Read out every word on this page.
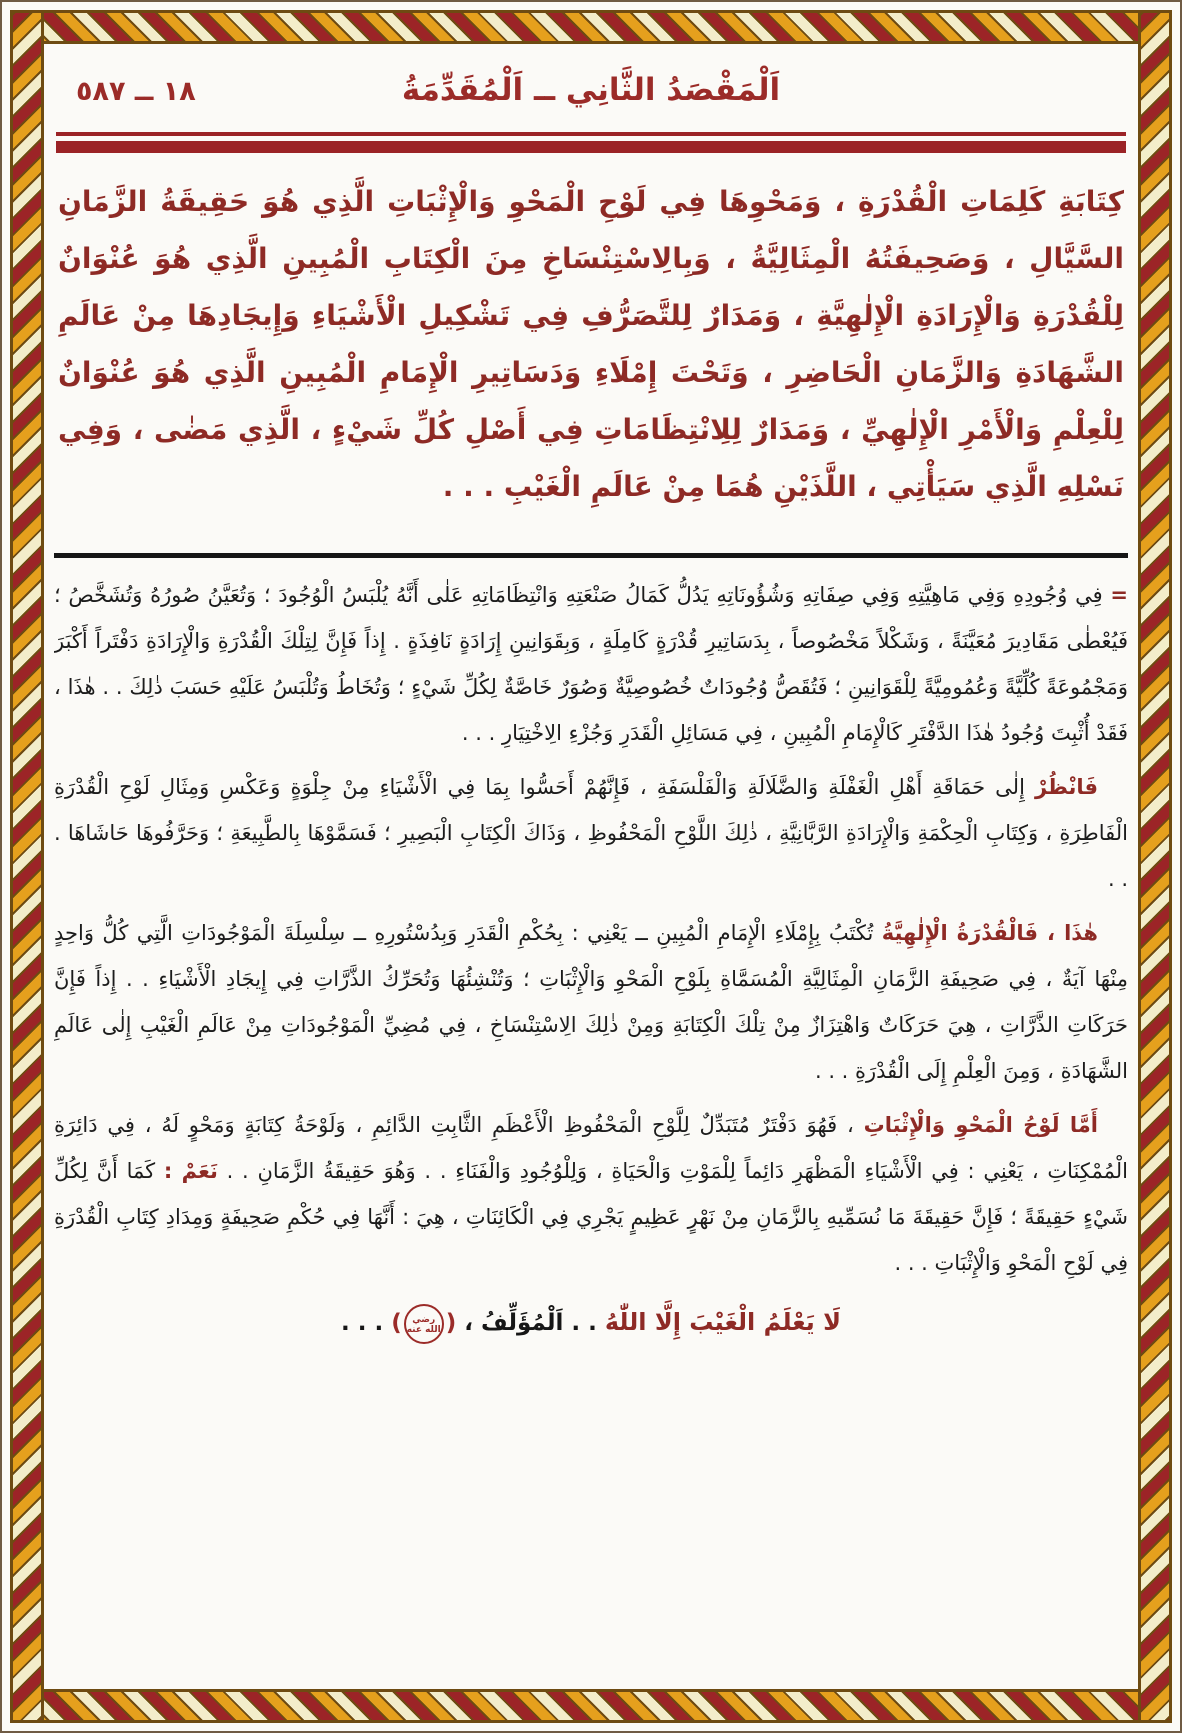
اَلْمَقْصَدُ الثَّانِي ــ اَلْمُقَدِّمَةُ
١٨ ــ ٥٨٧
كِتَابَةِ كَلِمَاتِ الْقُدْرَةِ ، وَمَحْوِهَا فِي لَوْحِ الْمَحْوِ وَالْإِثْبَاتِ الَّذِي هُوَ حَقِيقَةُ الزَّمَانِ السَّيَّالِ ، وَصَحِيفَتُهُ الْمِثَالِيَّةُ ، وَبِالِاسْتِنْسَاخِ مِنَ الْكِتَابِ الْمُبِينِ الَّذِي هُوَ عُنْوَانٌ لِلْقُدْرَةِ وَالْإِرَادَةِ الْإِلٰهِيَّةِ ، وَمَدَارٌ لِلتَّصَرُّفِ فِي تَشْكِيلِ الْأَشْيَاءِ وَإِيجَادِهَا مِنْ عَالَمِ الشَّهَادَةِ وَالزَّمَانِ الْحَاضِرِ ، وَتَحْتَ إِمْلَاءِ وَدَسَاتِيرِ الْإِمَامِ الْمُبِينِ الَّذِي هُوَ عُنْوَانٌ لِلْعِلْمِ وَالْأَمْرِ الْإِلٰهِيِّ ، وَمَدَارٌ لِلِانْتِظَامَاتِ فِي أَصْلِ كُلِّ شَيْءٍ ، الَّذِي مَضٰى ، وَفِي نَسْلِهِ الَّذِي سَيَأْتِي ، اللَّذَيْنِ هُمَا مِنْ عَالَمِ الْغَيْبِ . . .

= فِي وُجُودِهِ وَفِي مَاهِيَّتِهِ وَفِي صِفَاتِهِ وَشُؤُونَاتِهِ يَدُلُّ كَمَالُ صَنْعَتِهِ وَانْتِظَامَاتِهِ عَلٰى أَنَّهُ يُلْبَسُ الْوُجُودَ ؛ وَتُعَيَّنُ صُورُهُ وَتُشَخَّصُ ؛ فَيُعْطٰى مَقَادِيرَ مُعَيَّنَةً ، وَشَكْلاً مَخْصُوصاً ، بِدَسَاتِيرِ قُدْرَةٍ كَامِلَةٍ ، وَبِقَوَانِينِ إِرَادَةٍ نَافِذَةٍ . إِذاً فَإِنَّ لِتِلْكَ الْقُدْرَةِ وَالْإِرَادَةِ دَفْتَراً أَكْبَرَ وَمَجْمُوعَةً كُلِّيَّةً وَعُمُومِيَّةً لِلْقَوَانِينِ ؛ فَتُقَصُّ وُجُودَاتٌ خُصُوصِيَّةٌ وَصُوَرٌ خَاصَّةٌ لِكُلِّ شَيْءٍ ؛ وَتُخَاطُ وَتُلْبَسُ عَلَيْهِ حَسَبَ ذٰلِكَ . . هٰذَا ، فَقَدْ أُثْبِتَ وُجُودُ هٰذَا الدَّفْتَرِ كَالْإِمَامِ الْمُبِينِ ، فِي مَسَائِلِ الْقَدَرِ وَجُزْءِ الِاخْتِيَارِ . . .

فَانْظُرْ إِلٰى حَمَاقَةِ أَهْلِ الْغَفْلَةِ وَالضَّلَالَةِ وَالْفَلْسَفَةِ ، فَإِنَّهُمْ أَحَسُّوا بِمَا فِي الْأَشْيَاءِ مِنْ جِلْوَةٍ وَعَكْسِ وَمِثَالِ لَوْحِ الْقُدْرَةِ الْفَاطِرَةِ ، وَكِتَابِ الْحِكْمَةِ وَالْإِرَادَةِ الرَّبَّانِيَّةِ ، ذٰلِكَ اللَّوْحِ الْمَحْفُوظِ ، وَذَاكَ الْكِتَابِ الْبَصِيرِ ؛ فَسَمَّوْهَا بِالطَّبِيعَةِ ؛ وَحَرَّفُوهَا حَاشَاهَا . . .

هٰذَا ، فَالْقُدْرَةُ الْإِلٰهِيَّةُ تُكْتَبُ بِإِمْلَاءِ الْإِمَامِ الْمُبِينِ ــ يَعْنِي : بِحُكْمِ الْقَدَرِ وَبِدُسْتُورِهِ ــ سِلْسِلَةَ الْمَوْجُودَاتِ الَّتِي كُلُّ وَاحِدٍ مِنْهَا آيَةٌ ، فِي صَحِيفَةِ الزَّمَانِ الْمِثَالِيَّةِ الْمُسَمَّاةِ بِلَوْحِ الْمَحْوِ وَالْإِثْبَاتِ ؛ وَتُنْشِئُهَا وَتُحَرِّكُ الذَّرَّاتِ فِي إِيجَادِ الْأَشْيَاءِ . . إِذاً فَإِنَّ حَرَكَاتِ الذَّرَّاتِ ، هِيَ حَرَكَاتٌ وَاهْتِزَازٌ مِنْ تِلْكَ الْكِتَابَةِ وَمِنْ ذٰلِكَ الِاسْتِنْسَاخِ ، فِي مُضِيِّ الْمَوْجُودَاتِ مِنْ عَالَمِ الْغَيْبِ إِلٰى عَالَمِ الشَّهَادَةِ ، وَمِنَ الْعِلْمِ إِلَى الْقُدْرَةِ . . .

أَمَّا لَوْحُ الْمَحْوِ وَالْإِثْبَاتِ ، فَهُوَ دَفْتَرٌ مُتَبَدِّلٌ لِلَّوْحِ الْمَحْفُوظِ الْأَعْظَمِ الثَّابِتِ الدَّائِمِ ، وَلَوْحَةُ كِتَابَةٍ وَمَحْوٍ لَهُ ، فِي دَائِرَةِ الْمُمْكِنَاتِ ، يَعْنِي : فِي الْأَشْيَاءِ الْمَظْهَرِ دَائِماً لِلْمَوْتِ وَالْحَيَاةِ ، وَلِلْوُجُودِ وَالْفَنَاءِ . . وَهُوَ حَقِيقَةُ الزَّمَانِ . . نَعَمْ : كَمَا أَنَّ لِكُلِّ شَيْءٍ حَقِيقَةً ؛ فَإِنَّ حَقِيقَةَ مَا نُسَمِّيهِ بِالزَّمَانِ مِنْ نَهْرٍ عَظِيمٍ يَجْرِي فِي الْكَائِنَاتِ ، هِيَ : أَنَّهَا فِي حُكْمِ صَحِيفَةٍ وَمِدَادِ كِتَابِ الْقُدْرَةِ فِي لَوْحِ الْمَحْوِ وَالْإِثْبَاتِ . . .

لَا يَعْلَمُ الْغَيْبَ إِلَّا اللّٰهُ . . اَلْمُؤَلِّفُ ، (رضي الله عنه) . . .
